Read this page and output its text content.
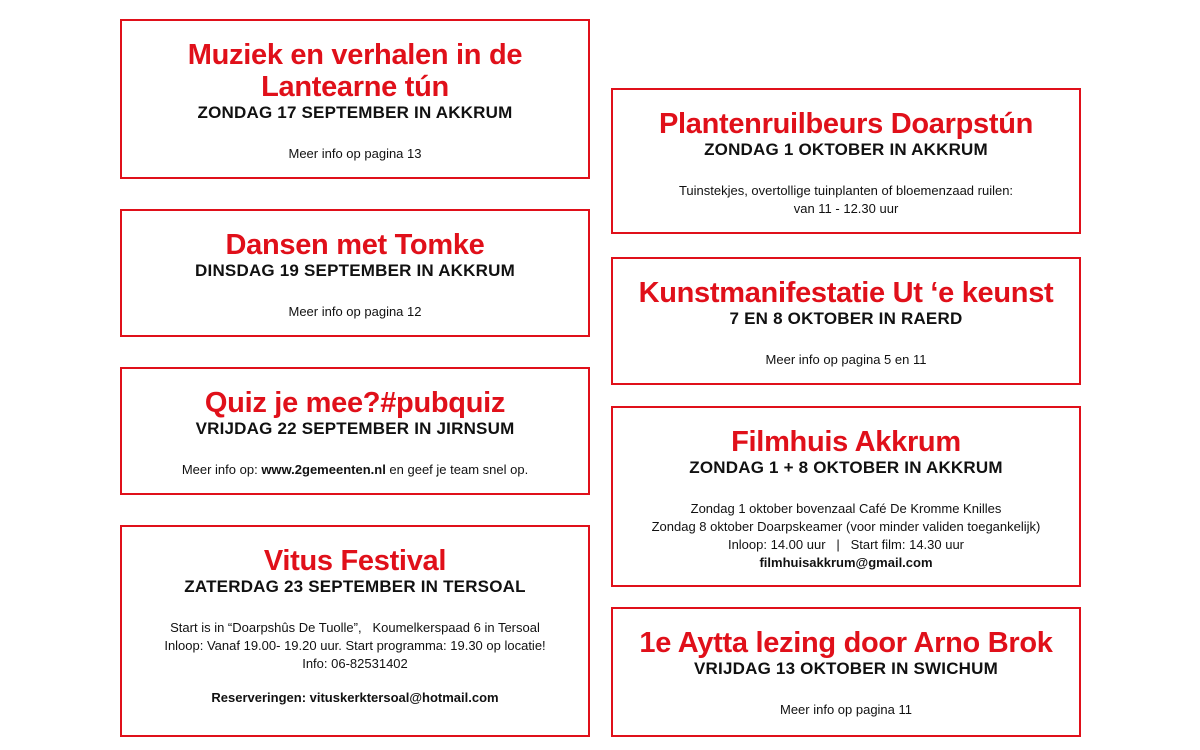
Muziek en verhalen in de
Lantearne tún
ZONDAG 17 SEPTEMBER IN AKKRUM
Meer info op pagina 13
Dansen met Tomke
DINSDAG 19 SEPTEMBER IN AKKRUM
Meer info op pagina 12
Quiz je mee?#pubquiz
VRIJDAG 22 SEPTEMBER IN JIRNSUM
Meer info op: www.2gemeenten.nl en geef je team snel op.
Vitus Festival
ZATERDAG 23 SEPTEMBER IN TERSOAL
Start is in “Doarpshûs De Tuolle”,   Koumelkerspaad 6 in Tersoal
Inloop: Vanaf 19.00- 19.20 uur. Start programma: 19.30 op locatie!
Info: 06-82531402
Reserveringen: vituskerktersoal@hotmail.com
Plantenruilbeurs Doarpstún
ZONDAG 1 OKTOBER IN AKKRUM
Tuinstekjes, overtollige tuinplanten of bloemenzaad ruilen:
van 11 - 12.30 uur
Kunstmanifestatie Ut ‘e keunst
7 EN 8 OKTOBER IN RAERD
Meer info op pagina 5 en 11
Filmhuis Akkrum
ZONDAG 1 + 8 OKTOBER IN AKKRUM
Zondag 1 oktober bovenzaal Café De Kromme Knilles
Zondag 8 oktober Doarpskeamer (voor minder validen toegankelijk)
Inloop: 14.00 uur   |   Start film: 14.30 uur
filmhuisakkrum@gmail.com
1e Aytta lezing door Arno Brok
VRIJDAG 13 OKTOBER IN SWICHUM
Meer info op pagina 11
